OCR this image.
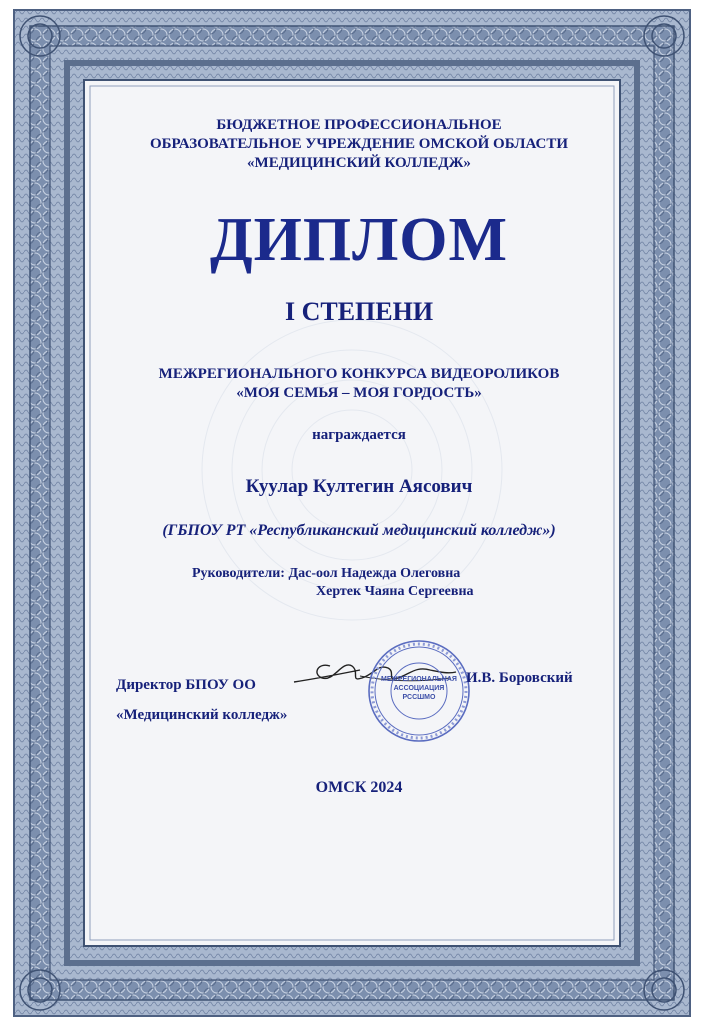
БЮДЖЕТНОЕ ПРОФЕССИОНАЛЬНОЕ
ОБРАЗОВАТЕЛЬНОЕ УЧРЕЖДЕНИЕ ОМСКОЙ ОБЛАСТИ
«МЕДИЦИНСКИЙ КОЛЛЕДЖ»
ДИПЛОМ
I СТЕПЕНИ
МЕЖРЕГИОНАЛЬНОГО КОНКУРСА ВИДЕОРОЛИКОВ
«МОЯ СЕМЬЯ – МОЯ ГОРДОСТЬ»
награждается
Куулар Култегин Аясович
(ГБПОУ РТ «Республиканский медицинский колледж»)
Руководители: Дас-оол Надежда Олеговна
Хертек Чаяна Сергеевна
Директор БПОУ ОО
«Медицинский колледж»
МЕЖРЕГИОНАЛЬНАЯ
АССОЦИАЦИЯ
РССШМО
И.В. Боровский
ОМСК 2024
